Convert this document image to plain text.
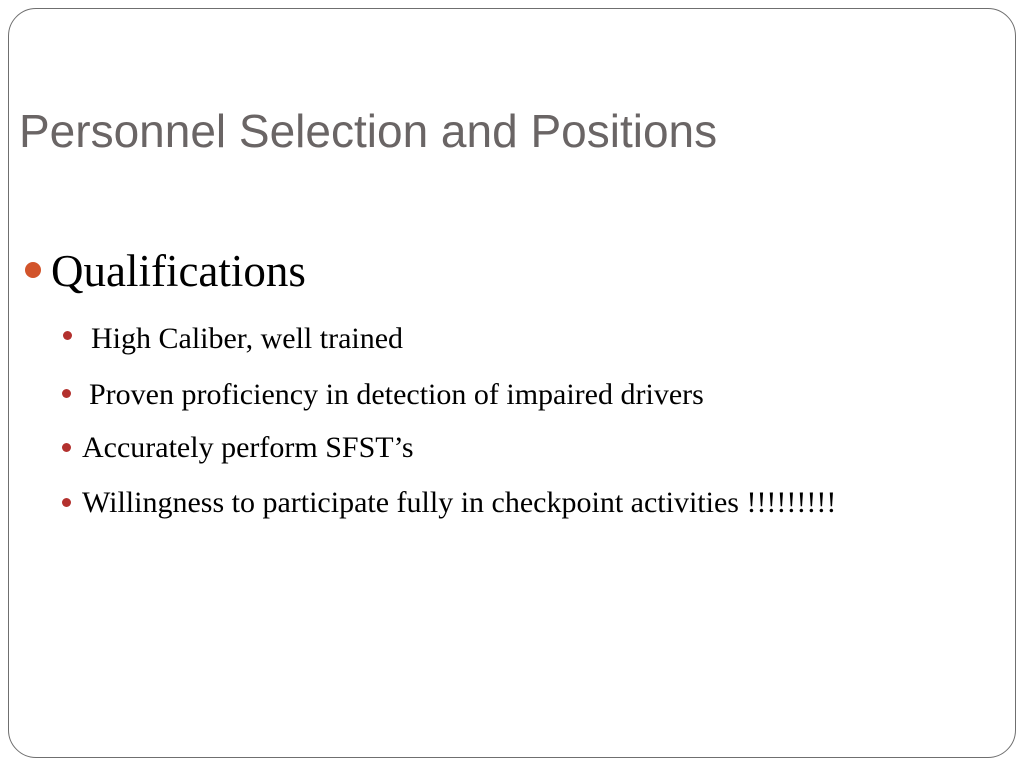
Personnel Selection and Positions
Qualifications
High Caliber, well trained
Proven proficiency in detection of impaired drivers
Accurately perform SFST’s
Willingness to participate fully in checkpoint activities !!!!!!!!!
